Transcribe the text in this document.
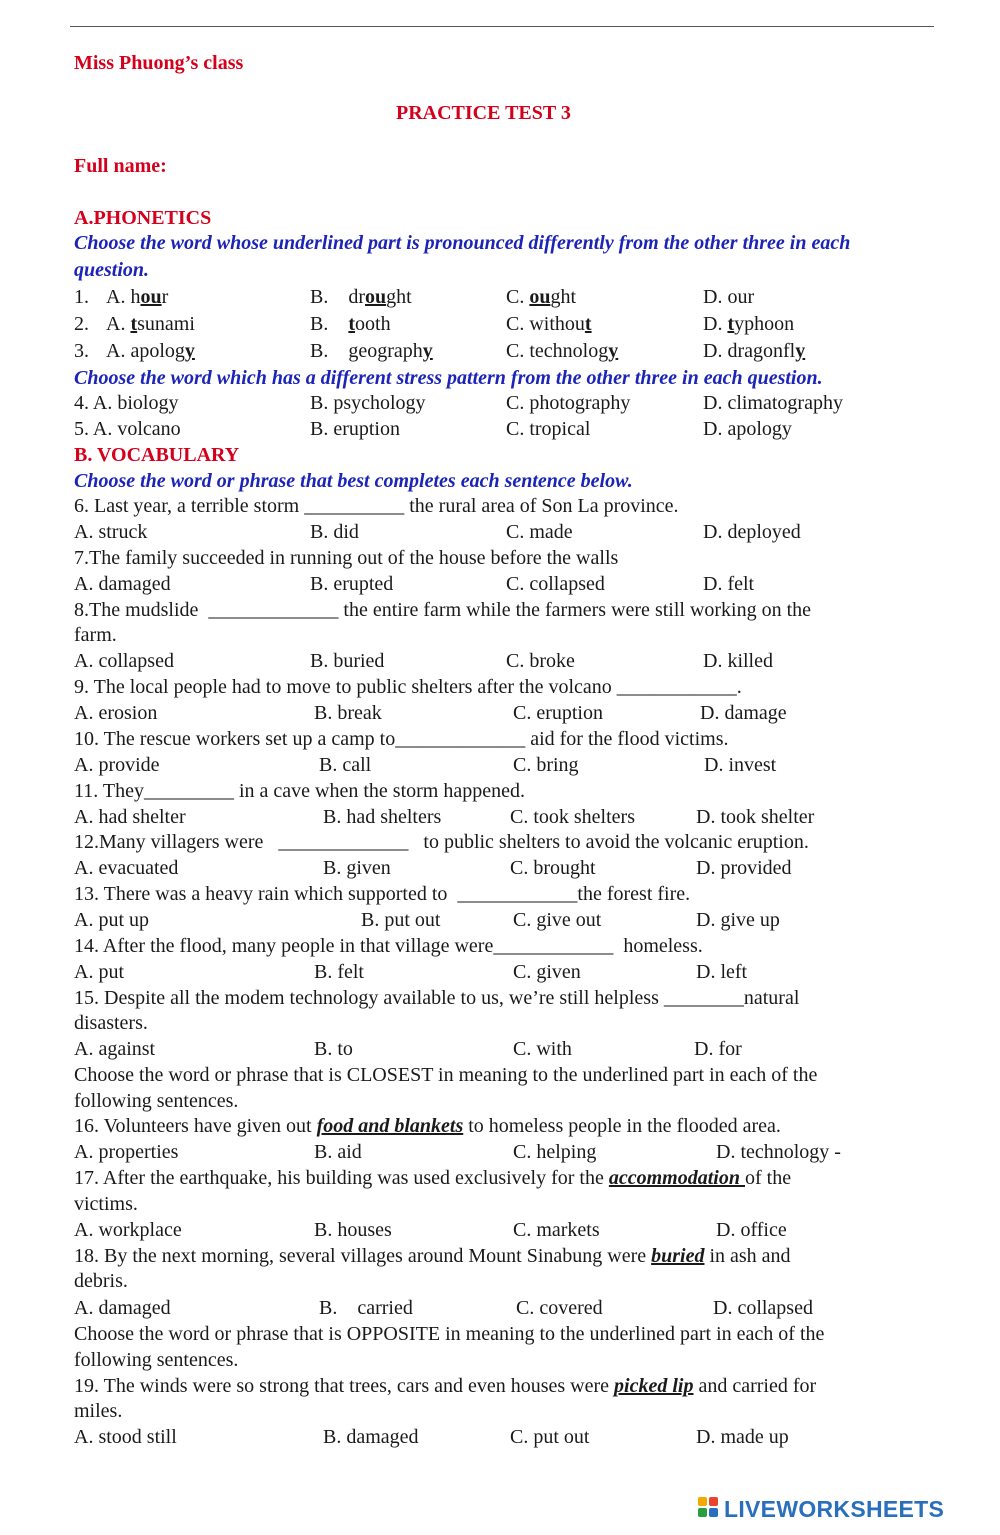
Miss Phuong’s class
PRACTICE TEST 3
Full name:
A.PHONETICS
Choose the word whose underlined part is pronounced differently from the other three in each
question.
1. A. hour	B.    drought	C. ought	D. our
2. A. tsunami	B.    tooth	C. without	D. typhoon
3. A. apology	B.    geography	C. technology	D. dragonfly
Choose the word which has a different stress pattern from the other three in each question.
4. A. biology	B. psychology	C. photography	D. climatography
5. A. volcano	B. eruption	C. tropical	D. apology
B. VOCABULARY
Choose the word or phrase that best completes each sentence below.
6. Last year, a terrible storm __________ the rural area of Son La province.
A. struck	B. did	C. made	D. deployed
7.The family succeeded in running out of the house before the walls
A. damaged	B. erupted	C. collapsed	D. felt
8.The mudslide  _____________ the entire farm while the farmers were still working on the
farm.
A. collapsed	B. buried	C. broke	D. killed
9. The local people had to move to public shelters after the volcano ____________.
A. erosion	B. break	C. eruption	D. damage
10. The rescue workers set up a camp to_____________ aid for the flood victims.
A. provide	B. call	C. bring	D. invest
11. They_________ in a cave when the storm happened.
A. had shelter	B. had shelters	C. took shelters	D. took shelter
12.Many villagers were   _____________   to public shelters to avoid the volcanic eruption.
A. evacuated	B. given	C. brought	D. provided
13. There was a heavy rain which supported to  ____________the forest fire.
A. put up	B. put out	C. give out	D. give up
14. After the flood, many people in that village were____________  homeless.
A. put	B. felt	C. given	D. left
15. Despite all the modem technology available to us, we’re still helpless ________natural
disasters.
A. against	B. to	C. with	D. for
Choose the word or phrase that is CLOSEST in meaning to the underlined part in each of the
following sentences.
16. Volunteers have given out food and blankets to homeless people in the flooded area.
A. properties	B. aid	C. helping	D. technology -
17. After the earthquake, his building was used exclusively for the accommodation of the
victims.
A. workplace	B. houses	C. markets	D. office
18. By the next morning, several villages around Mount Sinabung were buried in ash and
debris.
A. damaged	B.    carried	C. covered	D. collapsed
Choose the word or phrase that is OPPOSITE in meaning to the underlined part in each of the
following sentences.
19. The winds were so strong that trees, cars and even houses were picked lip and carried for
miles.
A. stood still	B. damaged	C. put out	D. made up
LIVEWORKSHEETS
